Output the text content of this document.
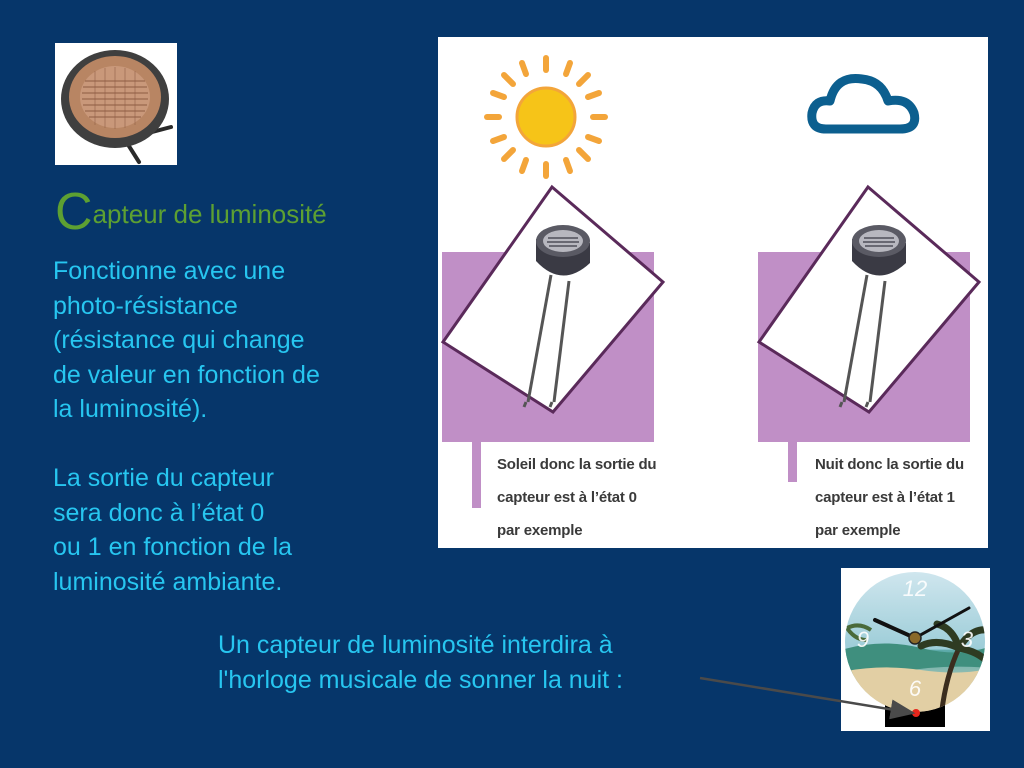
Capteur de luminosité
Fonctionne avec une
photo-résistance
(résistance qui change
de valeur en fonction de
la luminosité).
La sortie du capteur
sera donc à l’état 0
ou 1 en fonction de la
luminosité ambiante.
Soleil donc la sortie du
capteur est à l’état 0
par exemple
Nuit donc la sortie du
capteur est à l’état 1
par exemple
12
3
6
9
Un capteur de luminosité interdira à
l'horloge musicale de sonner la nuit :
